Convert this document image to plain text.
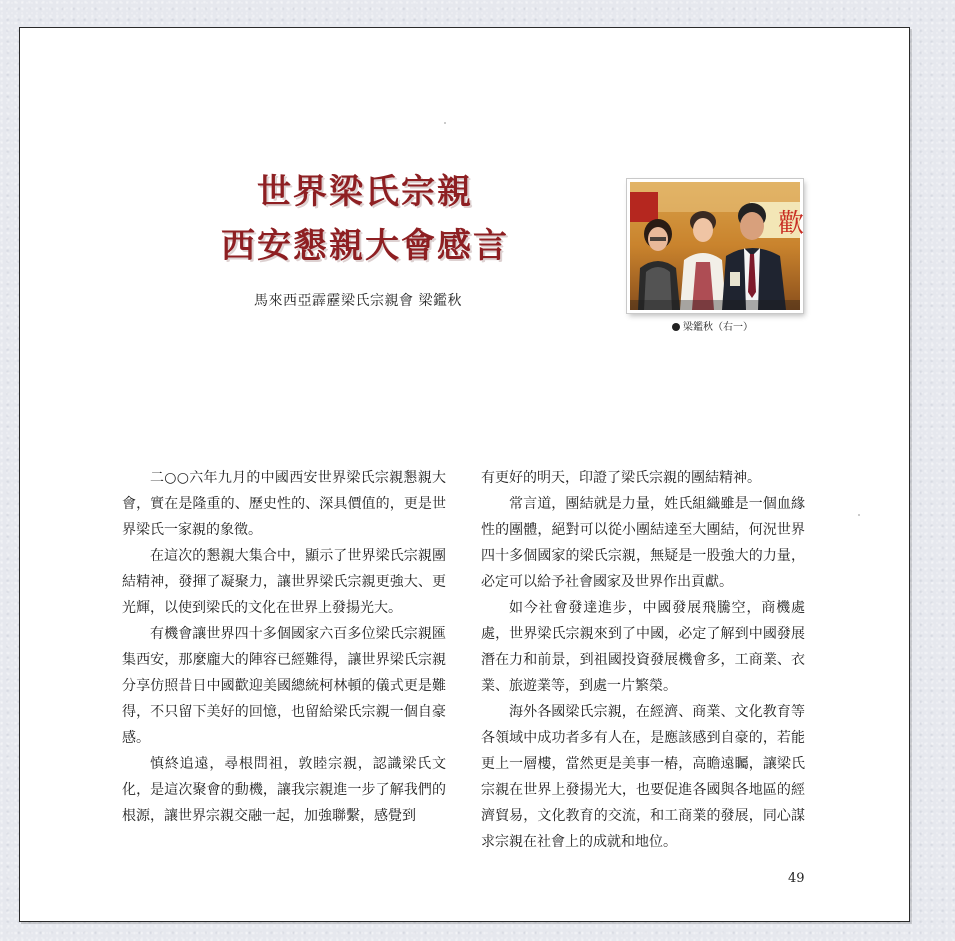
世界梁氏宗親
西安懇親大會感言
馬來西亞霹靂梁氏宗親會 梁鑑秋
歡
梁鑑秋（右一）

二○○六年九月的中國西安世界梁氏宗親懇親大會，實在是隆重的、歷史性的、深具價值的，更是世界梁氏一家親的象徵。

在這次的懇親大集合中，顯示了世界梁氏宗親團結精神，發揮了凝聚力，讓世界梁氏宗親更強大、更光輝，以使到梁氏的文化在世界上發揚光大。

有機會讓世界四十多個國家六百多位梁氏宗親匯集西安，那麼龐大的陣容已經難得，讓世界梁氏宗親分享仿照昔日中國歡迎美國總統柯林頓的儀式更是難得，不只留下美好的回憶，也留給梁氏宗親一個自豪感。

慎終追遠，尋根問祖，敦睦宗親，認識梁氏文化，是這次聚會的動機，讓我宗親進一步了解我們的根源，讓世界宗親交融一起，加強聯繫，感覺到

有更好的明天，印證了梁氏宗親的團結精神。

常言道，團結就是力量，姓氏組織雖是一個血緣性的團體，絕對可以從小團結達至大團結，何況世界四十多個國家的梁氏宗親，無疑是一股強大的力量，必定可以給予社會國家及世界作出貢獻。

如今社會發達進步，中國發展飛騰空，商機處處，世界梁氏宗親來到了中國，必定了解到中國發展潛在力和前景，到祖國投資發展機會多，工商業、衣業、旅遊業等，到處一片繁榮。

海外各國梁氏宗親，在經濟、商業、文化教育等各領域中成功者多有人在，是應該感到自豪的，若能更上一層樓，當然更是美事一樁，高瞻遠矚，讓梁氏宗親在世界上發揚光大，也要促進各國與各地區的經濟貿易，文化教育的交流，和工商業的發展，同心謀求宗親在社會上的成就和地位。

49
